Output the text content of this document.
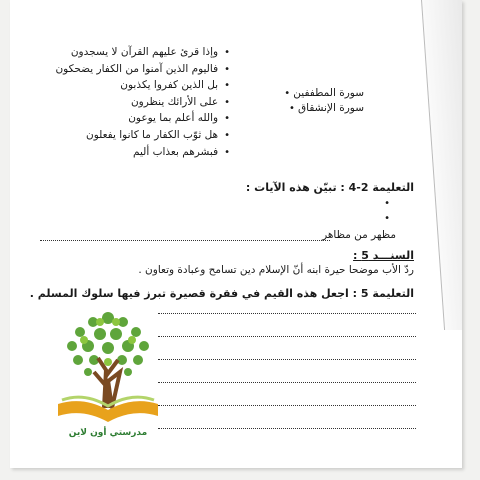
• وإذا قرئ عليهم القرآن لا يسجدون
• فاليوم الذين آمنوا من الكفار يضحكون
• بل الذين كفروا يكذبون
• على الأرائك ينظرون
• والله أعلم بما يوعون
• هل ثوّب الكفار ما كانوا يفعلون
• فبشرهم بعذاب أليم
سورة المطففين •
سورة الإنشقاق •
التعليمة 2-4 : تبيّن هذه الآيات :
•
•
مظهر من مظاهر
السنـــد 5 :
ردّ الأب موضحا حيرة ابنه أنّ الإسلام دين تسامح وعبادة وتعاون .
التعليمة 5 : اجعل هذه القيم في فقرة قصيرة تبرز فيها سلوك المسلم .
مدرستي أون لاين
